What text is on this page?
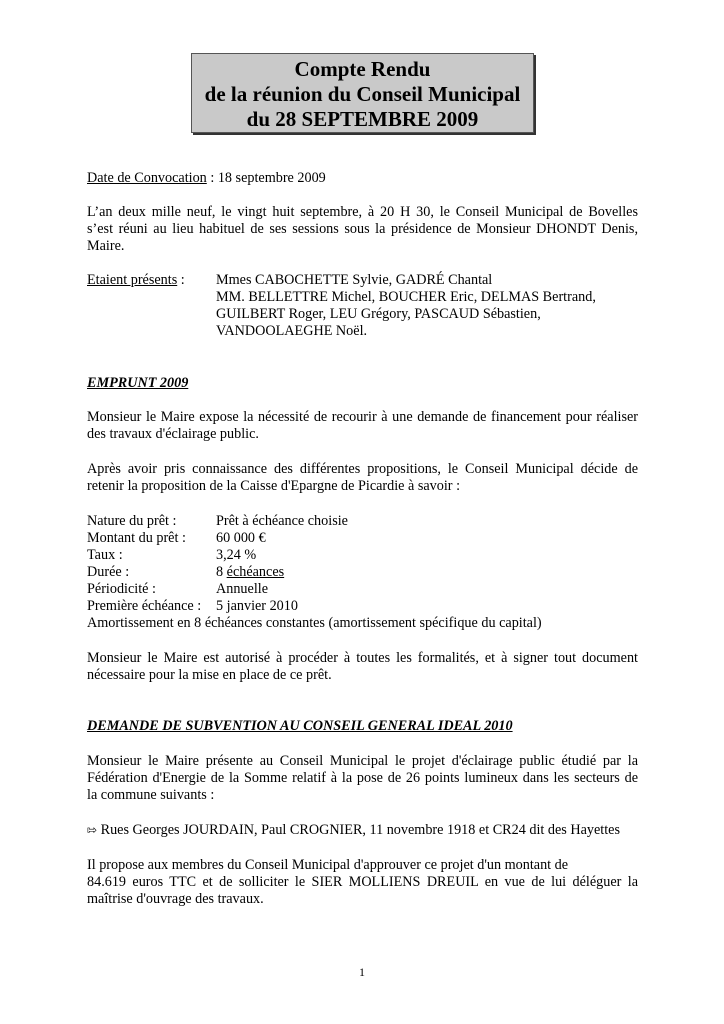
Compte Rendu
de la réunion du Conseil Municipal
du 28 SEPTEMBRE 2009
Date de Convocation : 18 septembre 2009
L’an deux mille neuf, le vingt huit septembre, à 20 H 30, le Conseil Municipal de Bovelles
s’est réuni au lieu habituel de ses sessions sous la présidence de Monsieur DHONDT Denis,
Maire.
Etaient présents : Mmes CABOCHETTE Sylvie, GADRÉ Chantal
MM. BELLETTRE Michel, BOUCHER Eric, DELMAS Bertrand,
GUILBERT Roger, LEU Grégory, PASCAUD Sébastien,
VANDOOLAEGHE Noël.
EMPRUNT 2009
Monsieur le Maire expose la nécessité de recourir à une demande de financement pour réaliser
des travaux d'éclairage public.
Après avoir pris connaissance des différentes propositions, le Conseil Municipal décide de
retenir la proposition de la Caisse d'Epargne de Picardie à savoir :
Nature du prêt :	Prêt à échéance choisie
Montant du prêt : 60 000 €
Taux :	3,24 %
Durée :	8 échéances
Périodicité :	Annuelle
Première échéance : 5 janvier 2010
Amortissement en 8 échéances constantes (amortissement spécifique du capital)
Monsieur le Maire est autorisé à procéder à toutes les formalités, et à signer tout document
nécessaire pour la mise en place de ce prêt.
DEMANDE DE SUBVENTION AU CONSEIL GENERAL IDEAL 2010
Monsieur le Maire présente au Conseil Municipal le projet d'éclairage public étudié par la
Fédération d'Energie de la Somme relatif à la pose de 26 points lumineux dans les secteurs de
la commune suivants :
⇰ Rues Georges JOURDAIN, Paul CROGNIER, 11 novembre 1918 et CR24 dit des Hayettes
Il propose aux membres du Conseil Municipal d'approuver ce projet d'un montant de
84.619 euros TTC et de solliciter le SIER MOLLIENS DREUIL en vue de lui déléguer la
maîtrise d'ouvrage des travaux.
1
